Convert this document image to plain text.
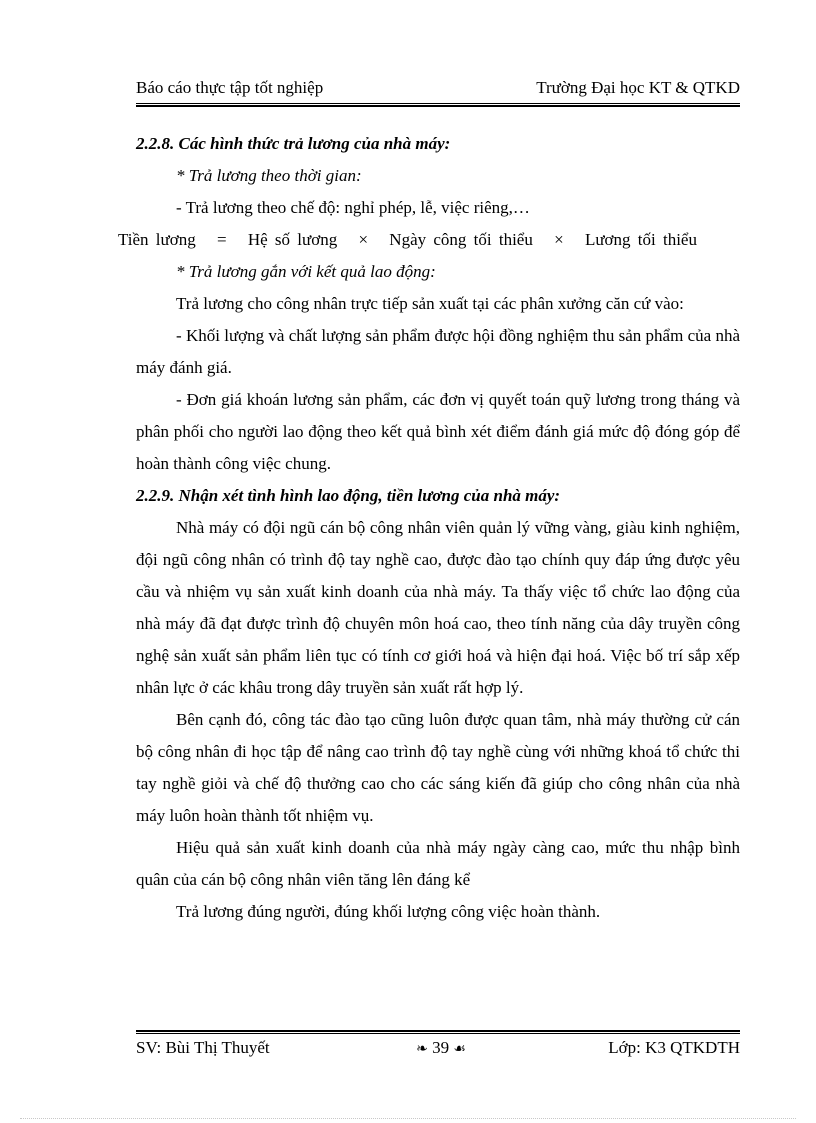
Báo cáo thực tập tốt nghiệp	Trường Đại học KT & QTKD

2.2.8. Các hình thức trả lương của nhà máy:

* Trả lương theo thời gian:

- Trả lương theo chế độ: nghỉ phép, lễ, việc riêng,…

Tiền lương = Hệ số lương × Ngày công tối thiểu × Lương tối thiểu

* Trả lương gắn với kết quả lao động:

Trả lương cho công nhân trực tiếp sản xuất tại các phân xưởng căn cứ vào:

- Khối lượng và chất lượng sản phẩm được hội đồng nghiệm thu sản phẩm của nhà máy đánh giá.

- Đơn giá khoán lương sản phẩm, các đơn vị quyết toán quỹ lương trong tháng và phân phối cho người lao động theo kết quả bình xét điểm đánh giá mức độ đóng góp để hoàn thành công việc chung.

2.2.9. Nhận xét tình hình lao động, tiền lương của nhà máy:

Nhà máy có đội ngũ cán bộ công nhân viên quản lý vững vàng, giàu kinh nghiệm, đội ngũ công nhân có trình độ tay nghề cao, được đào tạo chính quy đáp ứng được yêu cầu và nhiệm vụ sản xuất kinh doanh của nhà máy. Ta thấy việc tổ chức lao động của nhà máy đã đạt được trình độ chuyên môn hoá cao, theo tính năng của dây truyền công nghệ sản xuất sản phẩm liên tục có tính cơ giới hoá và hiện đại hoá. Việc bố trí sắp xếp nhân lực ở các khâu trong dây truyền sản xuất rất hợp lý.

Bên cạnh đó, công tác đào tạo cũng luôn được quan tâm, nhà máy thường cử cán bộ công nhân đi học tập để nâng cao trình độ tay nghề cùng với những khoá tổ chức thi tay nghề giỏi và chế độ thưởng cao cho các sáng kiến đã giúp cho công nhân của nhà máy luôn hoàn thành tốt nhiệm vụ.

Hiệu quả sản xuất kinh doanh của nhà máy ngày càng cao, mức thu nhập bình quân của cán bộ công nhân viên tăng lên đáng kể

Trả lương đúng người, đúng khối lượng công việc hoàn thành.

SV: Bùi Thị Thuyết	❧ 39 ☙	Lớp: K3 QTKDTH
